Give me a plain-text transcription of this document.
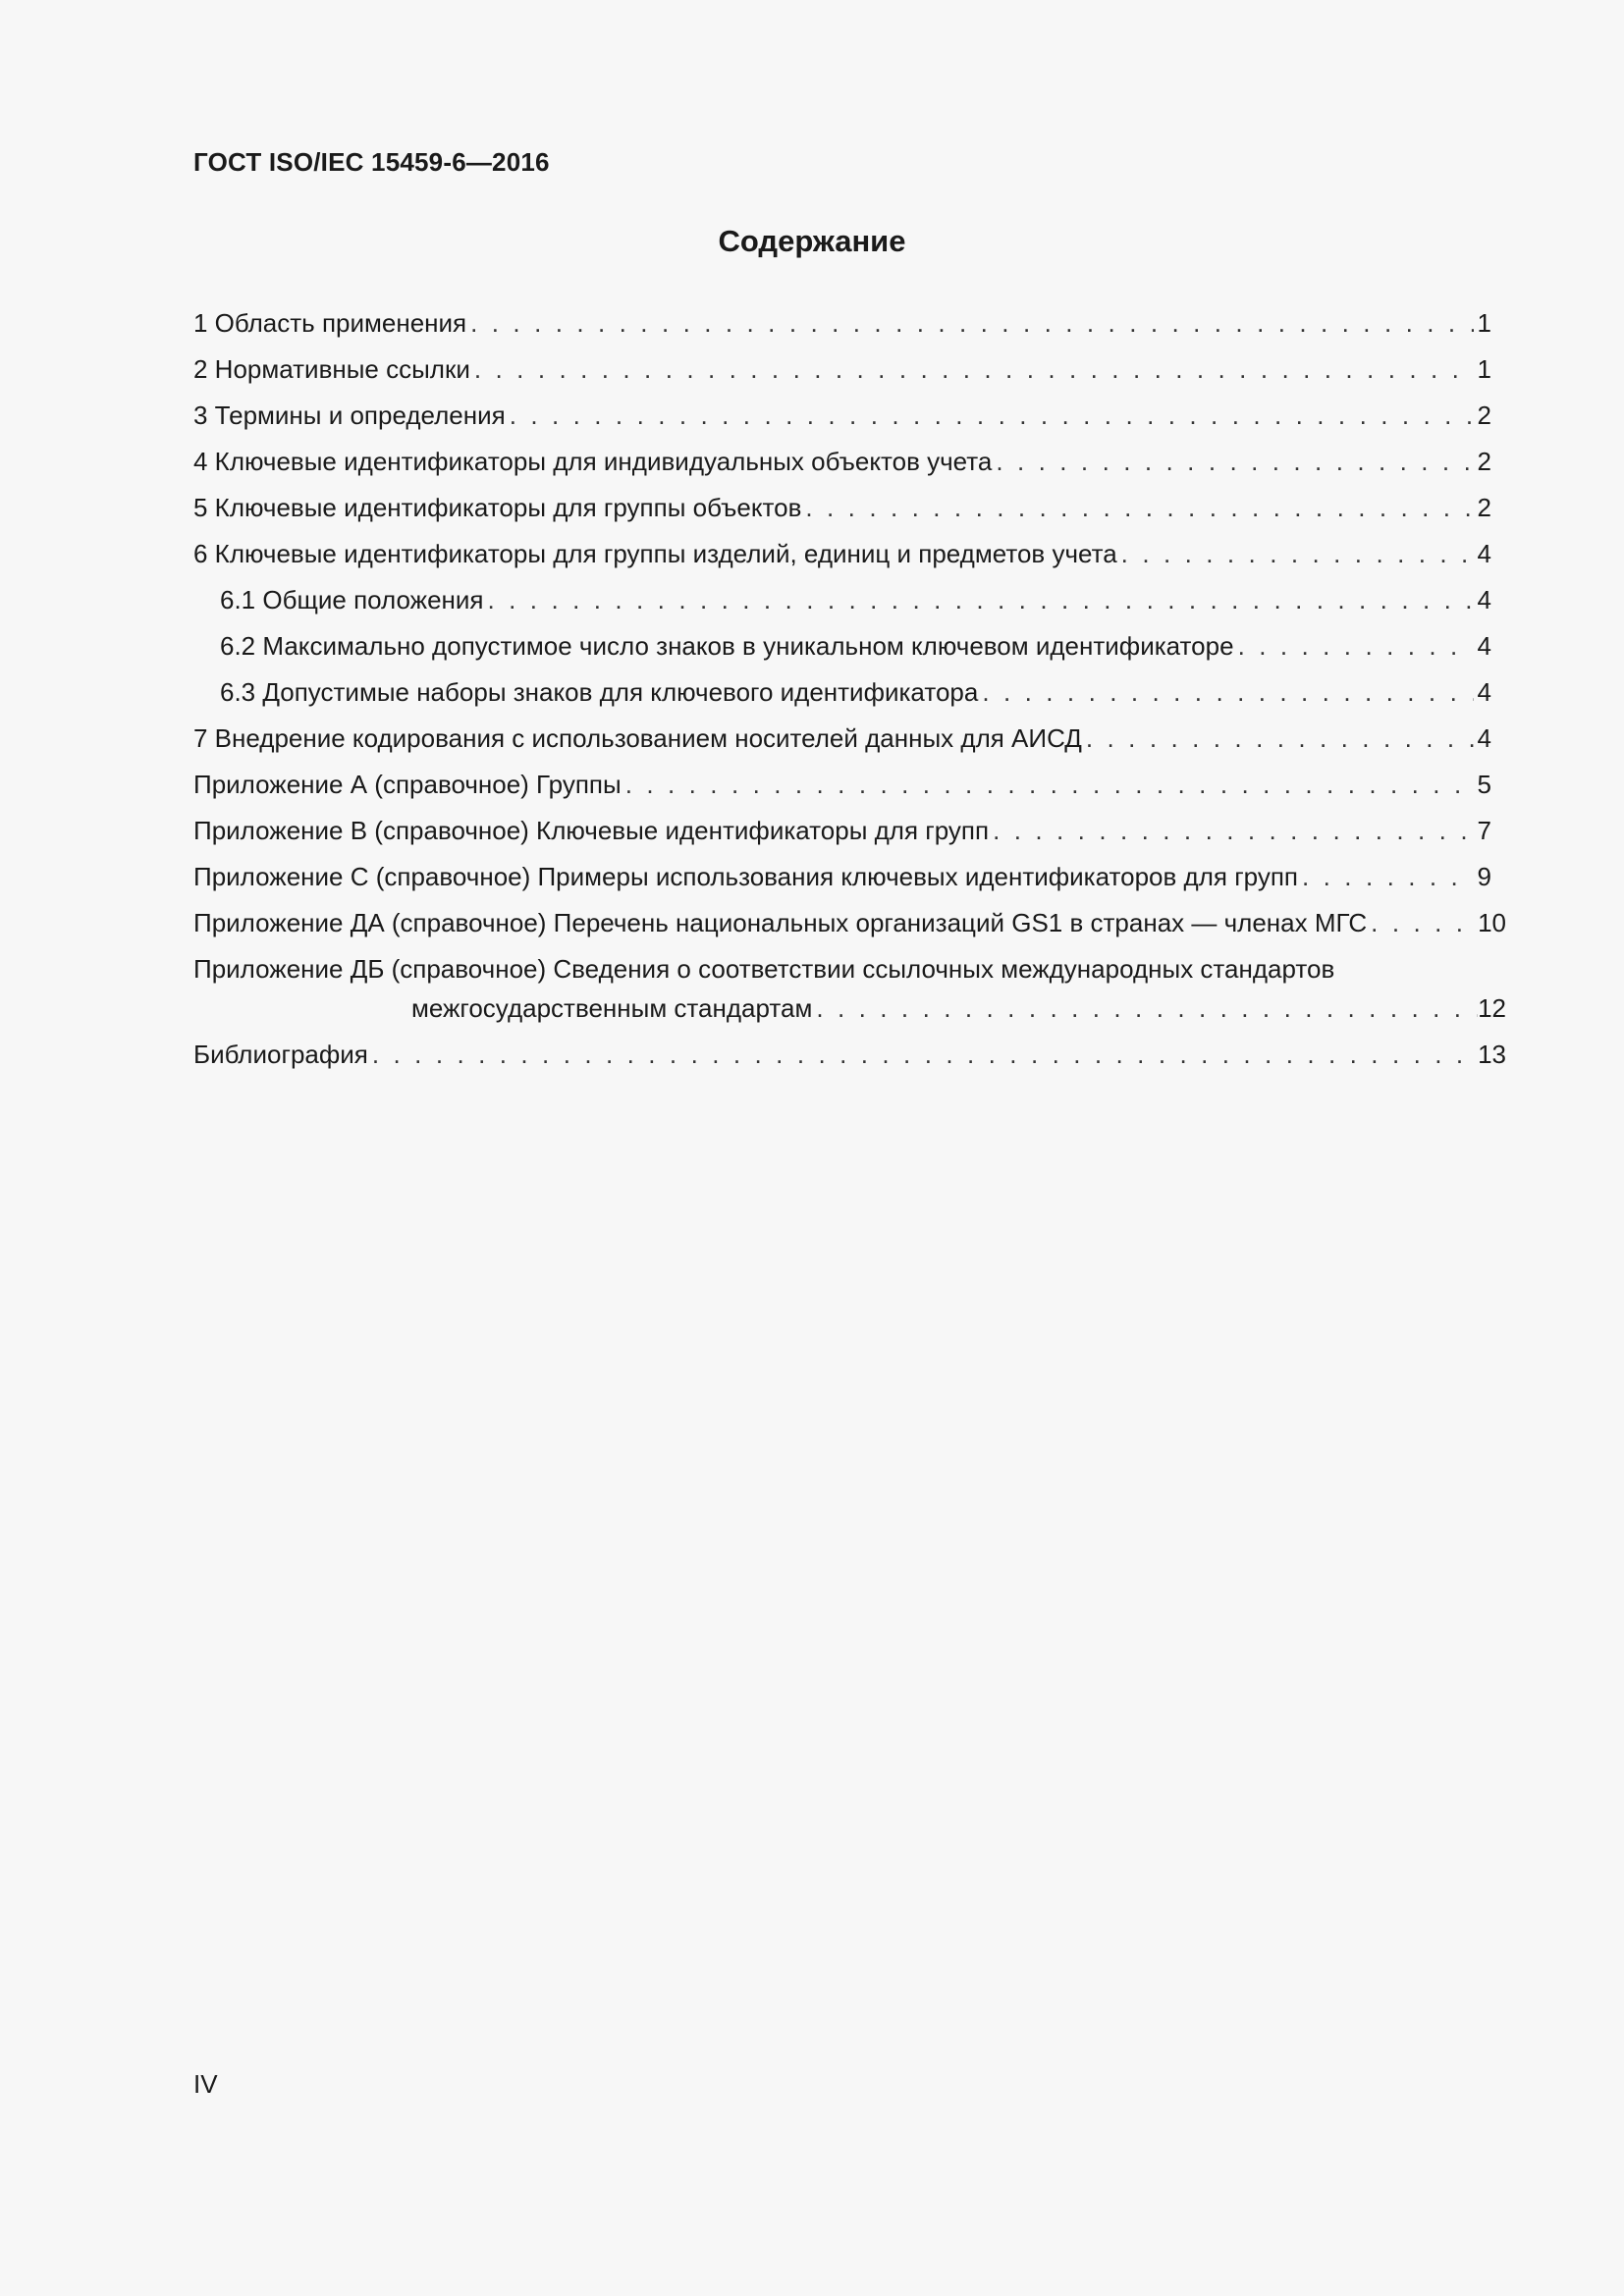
ГОСТ ISO/IEC 15459-6—2016
Содержание
1 Область применения . . .	1
2 Нормативные ссылки . . .	1
3 Термины и определения . . .	2
4 Ключевые идентификаторы для индивидуальных объектов учета . . .	2
5 Ключевые идентификаторы для группы объектов . . .	2
6 Ключевые идентификаторы для группы изделий, единиц и предметов учета . . .	4
6.1 Общие положения . . .	4
6.2 Максимально допустимое число знаков в уникальном ключевом идентификаторе . . .	4
6.3 Допустимые наборы знаков для ключевого идентификатора . . .	4
7 Внедрение кодирования с использованием носителей данных для АИСД . . .	4
Приложение А (справочное) Группы . . .	5
Приложение В (справочное) Ключевые идентификаторы для групп . . .	7
Приложение С (справочное) Примеры использования ключевых идентификаторов для групп . . .	9
Приложение ДА (справочное) Перечень национальных организаций GS1 в странах — членах МГС . . .	10
Приложение ДБ (справочное) Сведения о соответствии ссылочных международных стандартов
межгосударственным стандартам . . .	12
Библиография . . .	13
IV
